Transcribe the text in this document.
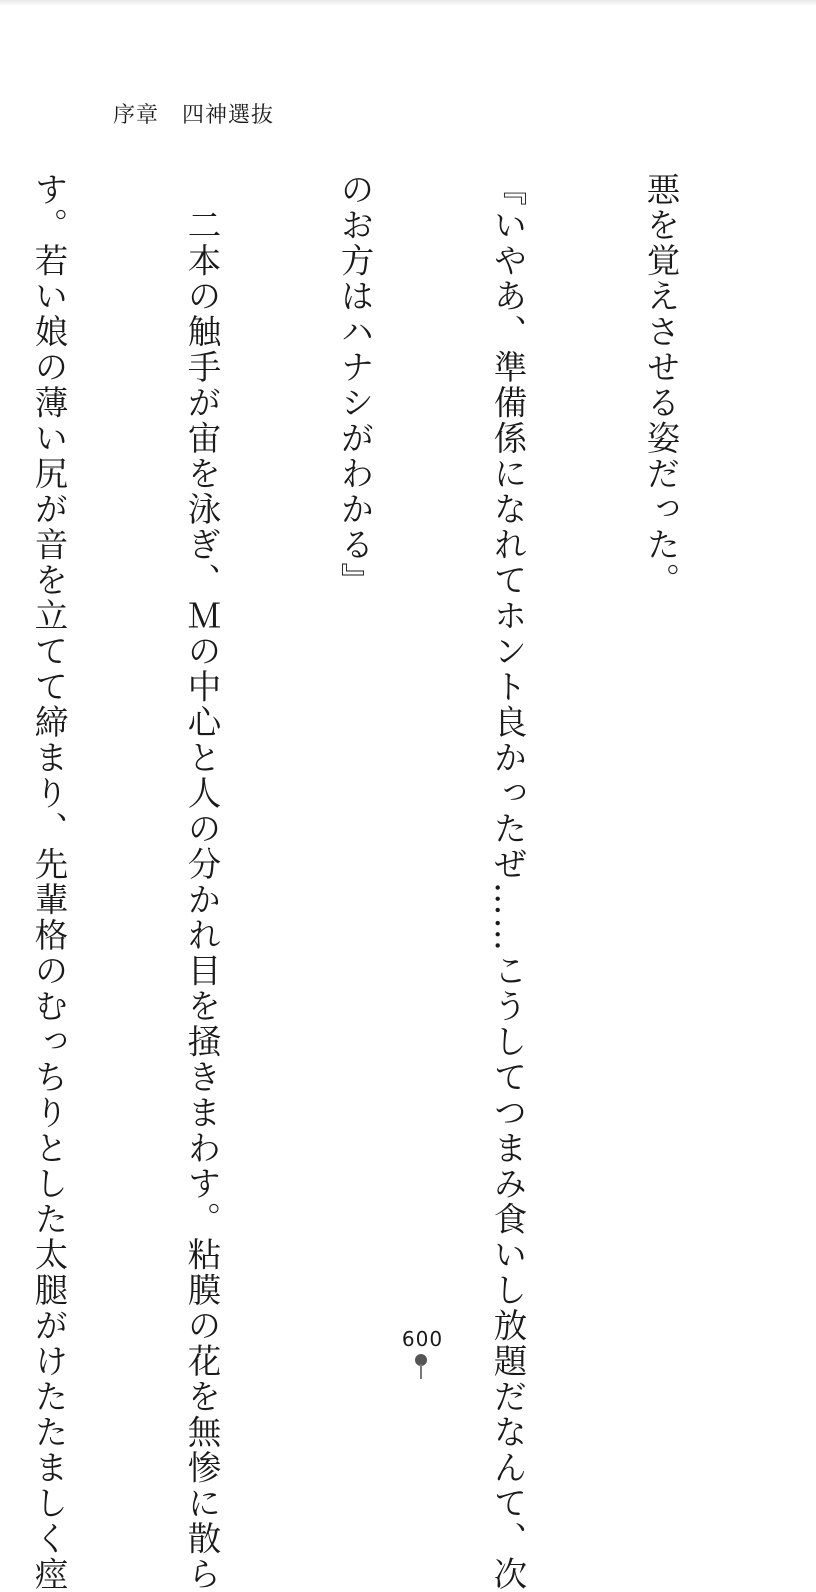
序章　四神選抜

悪を覚えさせる姿だった。

『いやあ、準備係になれてホント良かったぜ……こうしてつまみ食いし放題だなんて、次

のお方はハナシがわかる』

　二本の触手が宙を泳ぎ、Ｍの中心と人の分かれ目を掻きまわす。粘膜の花を無惨に散ら

す。若い娘の薄い尻が音を立てて締まり、先輩格のむっちりとした太腿がけたたましく痙

	009
